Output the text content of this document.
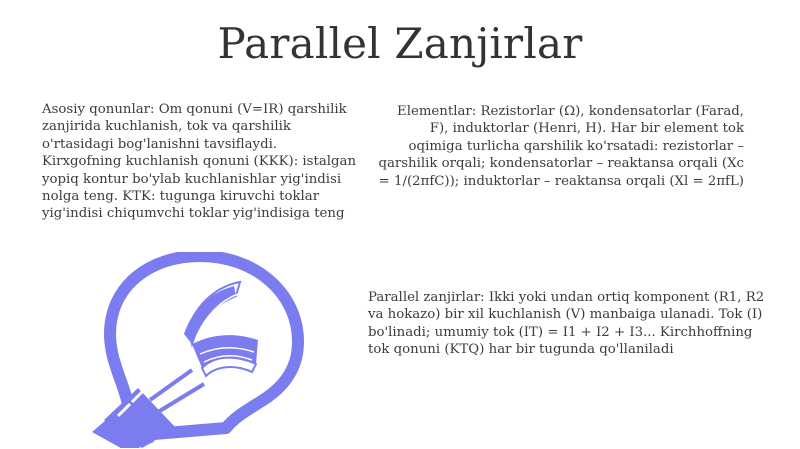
Parallel Zanjirlar
Asosiy qonunlar: Om qonuni (V=IR) qarshilik zanjirida kuchlanish, tok va qarshilik o'rtasidagi bog'lanishni tavsiflaydi. Kirxgofning kuchlanish qonuni (KKK): istalgan yopiq kontur bo'ylab kuchlanishlar yig'indisi nolga teng. KTK: tugunga kiruvchi toklar yig'indisi chiqumvchi toklar yig'indisiga teng
Elementlar: Rezistorlar (Ω), kondensatorlar (Farad, F), induktorlar (Henri, H). Har bir element tok oqimiga turlicha qarshilik ko'rsatadi: rezistorlar – qarshilik orqali; kondensatorlar – reaktansa orqali (Xc = 1/(2πfC)); induktorlar – reaktansa orqali (Xl = 2πfL)
Parallel zanjirlar: Ikki yoki undan ortiq komponent (R1, R2 va hokazo) bir xil kuchlanish (V) manbaiga ulanadi. Tok (I) bo'linadi; umumiy tok (IT) = I1 + I2 + I3... Kirchhoffning tok qonuni (KTQ) har bir tugunda qo'llaniladi
